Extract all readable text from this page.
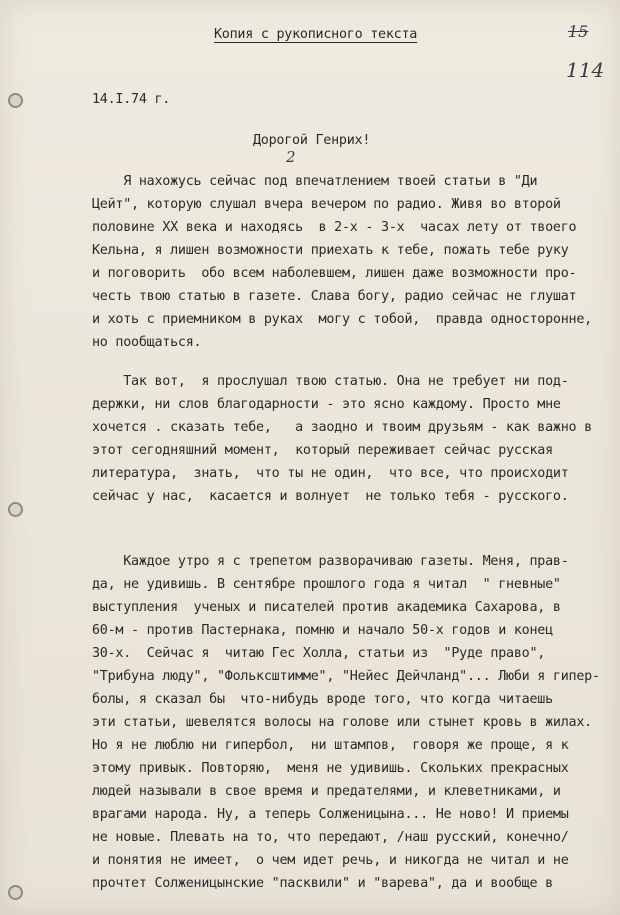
Копия с рукописного текста	15
114
14.I.74 г.
Дорогой Генрих!
2
Я нахожусь сейчас под впечатлением твоей статьи в "Ди
Цейт", которую слушал вчера вечером по радио. Живя во второй
половине XX века и находясь  в 2-х - 3-х  часах лету от твоего
Кельна, я лишен возможности приехать к тебе, пожать тебе руку
и поговорить  обо всем наболевшем, лишен даже возможности про-
честь твою статью в газете. Слава богу, радио сейчас не глушат
и хоть с приемником в руках  могу с тобой,  правда односторонне,
но пообщаться.
Так вот,  я прослушал твою статью. Она не требует ни под-
держки, ни слов благодарности - это ясно каждому. Просто мне
хочется . сказать тебе,   а заодно и твоим друзьям - как важно в
этот сегодняшний момент,  который переживает сейчас русская
литература,  знать,  что ты не один,  что все, что происходит
сейчас у нас,  касается и волнует  не только тебя - русского.
Каждое утро я с трепетом разворачиваю газеты. Меня, прав-
да, не удивишь. В сентябре прошлого года я читал  " гневные"
выступления  ученых и писателей против академика Сахарова, в
60-м - против Пастернака, помню и начало 50-х годов и конец
30-х.  Сейчас я  читаю Гес Холла, статьи из  "Руде право",
"Трибуна люду", "Фольксштимме", "Нейес Дейчланд"... Люби я гипер-
болы, я сказал бы  что-нибудь вроде того, что когда читаешь
эти статьи, шевелятся волосы на голове или стынет кровь в жилах.
Но я не люблю ни гипербол,  ни штампов,  говоря же проще, я к
этому привык. Повторяю,  меня не удивишь. Скольких прекрасных
людей называли в свое время и предателями, и клеветниками, и
врагами народа. Ну, а теперь Солженицына... Не ново! И приемы
не новые. Плевать на то, что передают, /наш русский, конечно/
и понятия не имеет,  о чем идет речь, и никогда не читал и не
прочтет Солженицынские "пасквили" и "варева", да и вообще в
